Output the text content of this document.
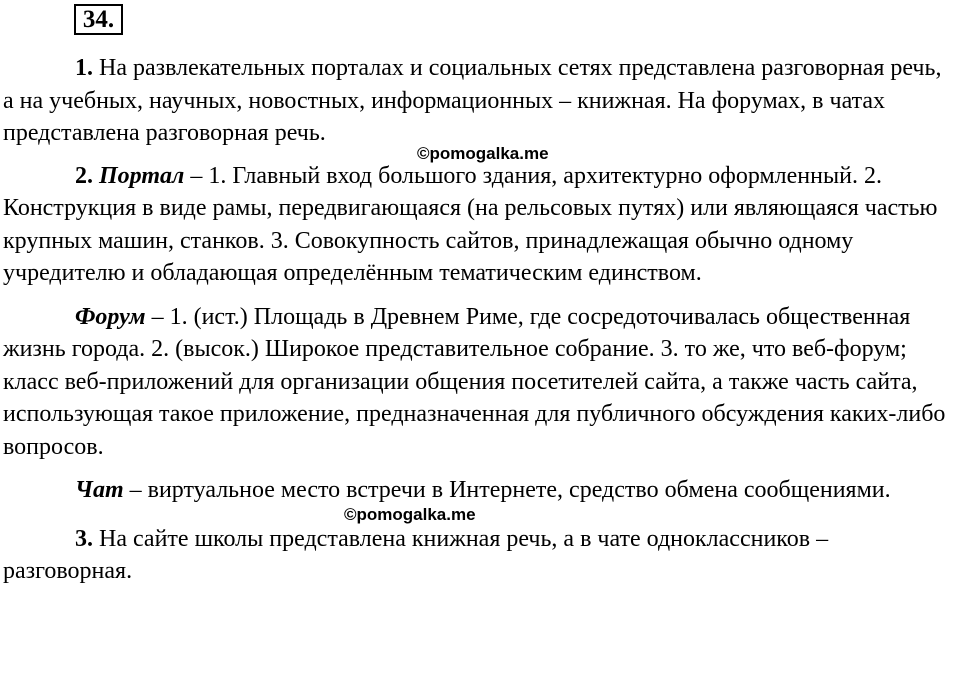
34.

1. На развлекательных порталах и социальных сетях представлена разговорная речь, а на учебных, научных, новостных, информационных – книжная. На форумах, в чатах представлена разговорная речь.

©pomogalka.me

2. Портал – 1. Главный вход большого здания, архитектурно оформленный. 2. Конструкция в виде рамы, передвигающаяся (на рельсовых путях) или являющаяся частью крупных машин, станков. 3. Совокупность сайтов, принадлежащая обычно одному учредителю и обладающая определённым тематическим единством.

Форум – 1. (ист.) Площадь в Древнем Риме, где сосредоточивалась общественная жизнь города. 2. (высок.) Широкое представительное собрание. 3. то же, что веб-форум; класс веб-приложений для организации общения посетителей сайта, а также часть сайта, использующая такое приложение, предназначенная для публичного обсуждения каких-либо вопросов.

Чат – виртуальное место встречи в Интернете, средство обмена сообщениями.

©pomogalka.me

3. На сайте школы представлена книжная речь, а в чате одноклассников – разговорная.
